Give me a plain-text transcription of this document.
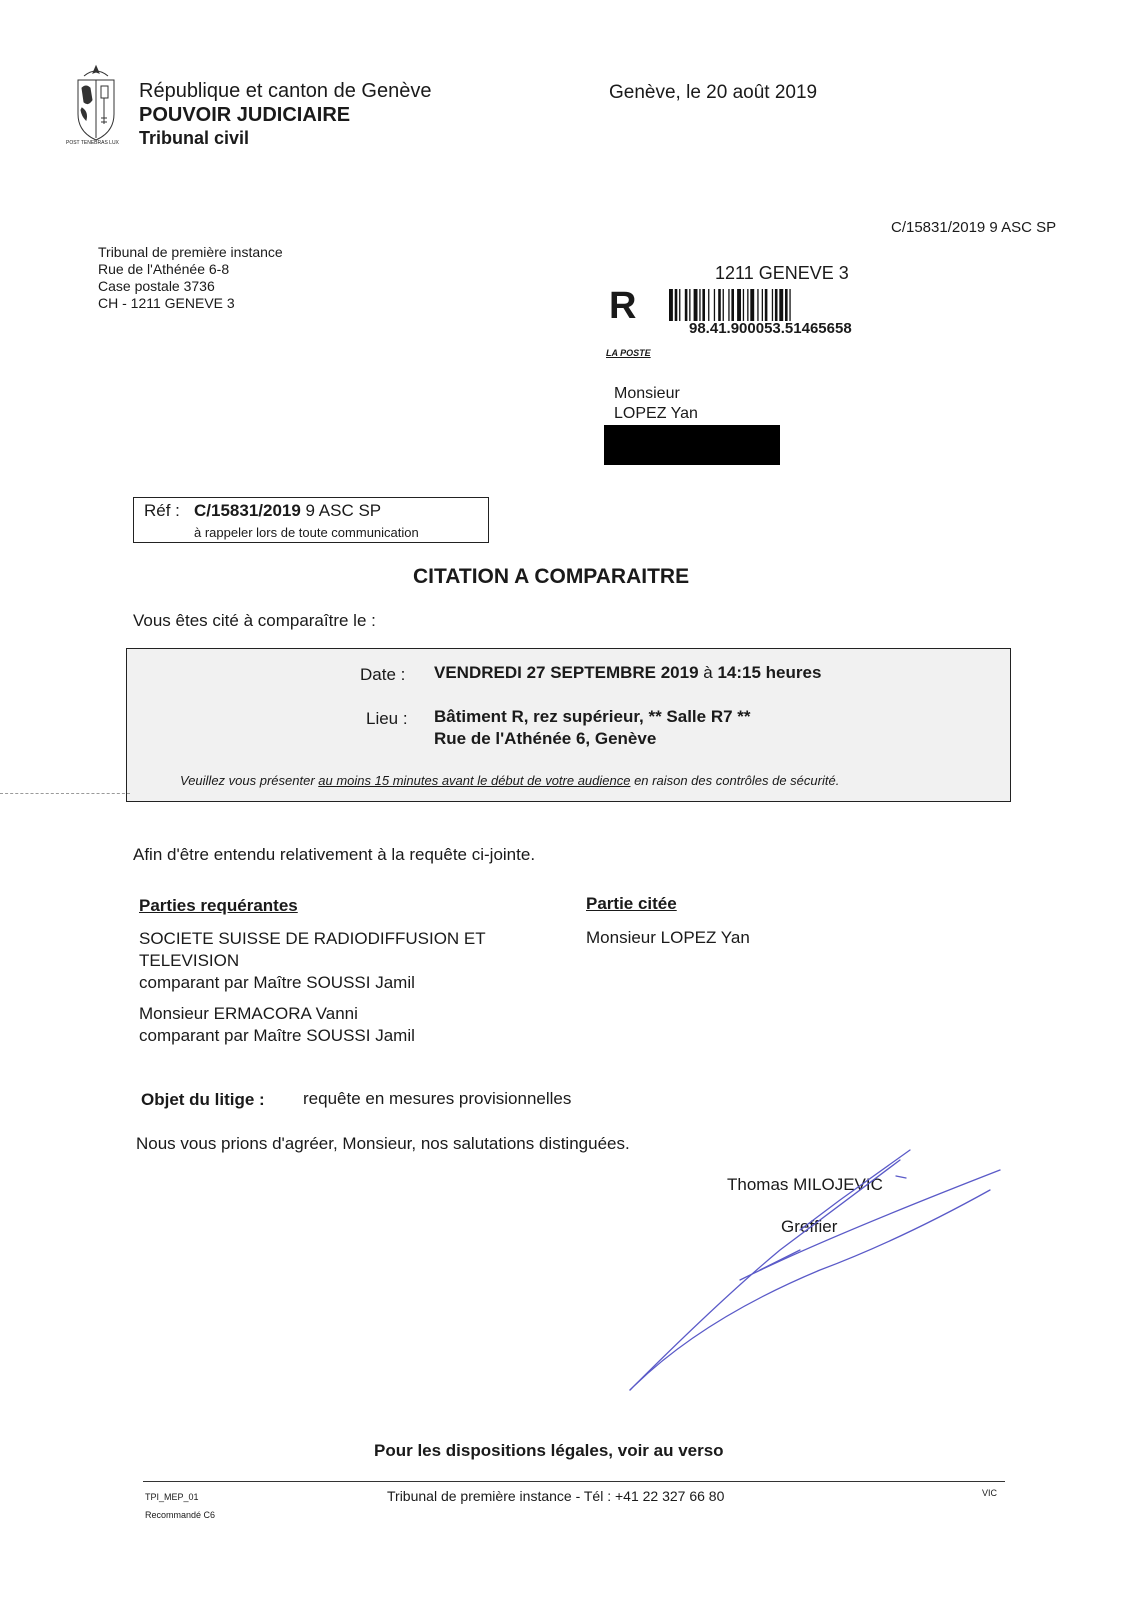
POST TENEBRAS LUX
République et canton de Genève
POUVOIR JUDICIAIRE
Tribunal civil
Genève, le 20 août 2019
C/15831/2019 9 ASC SP
Tribunal de première instance
Rue de l'Athénée 6-8
Case postale 3736
CH - 1211 GENEVE 3
1211 GENEVE 3
R
98.41.900053.51465658
LA POSTE
Monsieur
LOPEZ Yan
Réf : C/15831/2019 9 ASC SP
à rappeler lors de toute communication
CITATION A COMPARAITRE
Vous êtes cité à comparaître le :
Date : VENDREDI 27 SEPTEMBRE 2019 à 14:15 heures
Lieu : Bâtiment R, rez supérieur, ** Salle R7 **
Rue de l'Athénée 6, Genève
Veuillez vous présenter au moins 15 minutes avant le début de votre audience en raison des contrôles de sécurité.
Afin d'être entendu relativement à la requête ci-jointe.
Parties requérantes	Partie citée
SOCIETE SUISSE DE RADIODIFFUSION ET
TELEVISION
comparant par Maître SOUSSI Jamil
Monsieur ERMACORA Vanni
comparant par Maître SOUSSI Jamil
Monsieur LOPEZ Yan
Objet du litige : requête en mesures provisionnelles
Nous vous prions d'agréer, Monsieur, nos salutations distinguées.
Thomas MILOJEVIC
Greffier
Pour les dispositions légales, voir au verso
TPI_MEP_01
Recommandé C6
Tribunal de première instance - Tél : +41 22 327 66 80	VIC
